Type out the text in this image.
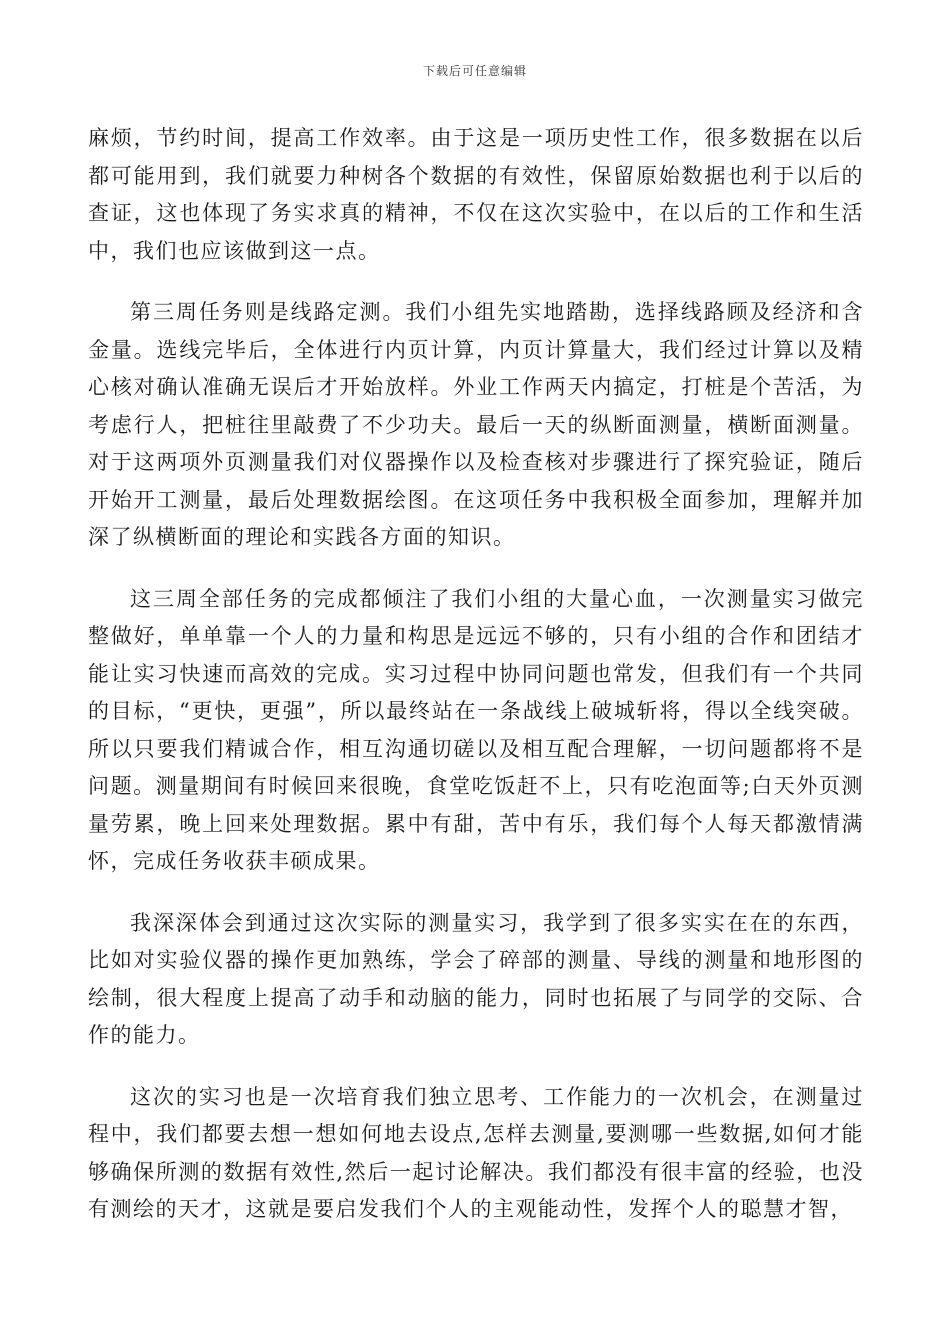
下载后可任意编辑

麻烦，节约时间，提高工作效率。由于这是一项历史性工作，很多数据在以后都可能用到，我们就要力种树各个数据的有效性，保留原始数据也利于以后的查证，这也体现了务实求真的精神，不仅在这次实验中，在以后的工作和生活中，我们也应该做到这一点。

第三周任务则是线路定测。我们小组先实地踏勘，选择线路顾及经济和含金量。选线完毕后，全体进行内页计算，内页计算量大，我们经过计算以及精心核对确认准确无误后才开始放样。外业工作两天内搞定，打桩是个苦活，为考虑行人，把桩往里敲费了不少功夫。最后一天的纵断面测量，横断面测量。对于这两项外页测量我们对仪器操作以及检查核对步骤进行了探究验证，随后开始开工测量，最后处理数据绘图。在这项任务中我积极全面参加，理解并加深了纵横断面的理论和实践各方面的知识。

这三周全部任务的完成都倾注了我们小组的大量心血，一次测量实习做完整做好，单单靠一个人的力量和构思是远远不够的，只有小组的合作和团结才能让实习快速而高效的完成。实习过程中协同问题也常发，但我们有一个共同的目标，“更快，更强”，所以最终站在一条战线上破城斩将，得以全线突破。所以只要我们精诚合作，相互沟通切磋以及相互配合理解，一切问题都将不是问题。测量期间有时候回来很晚，食堂吃饭赶不上，只有吃泡面等;白天外页测量劳累，晚上回来处理数据。累中有甜，苦中有乐，我们每个人每天都激情满怀，完成任务收获丰硕成果。

我深深体会到通过这次实际的测量实习，我学到了很多实实在在的东西，比如对实验仪器的操作更加熟练，学会了碎部的测量、导线的测量和地形图的绘制，很大程度上提高了动手和动脑的能力，同时也拓展了与同学的交际、合作的能力。

这次的实习也是一次培育我们独立思考、工作能力的一次机会，在测量过程中，我们都要去想一想如何地去设点,怎样去测量,要测哪一些数据,如何才能够确保所测的数据有效性,然后一起讨论解决。我们都没有很丰富的经验，也没有测绘的天才，这就是要启发我们个人的主观能动性，发挥个人的聪慧才智，
